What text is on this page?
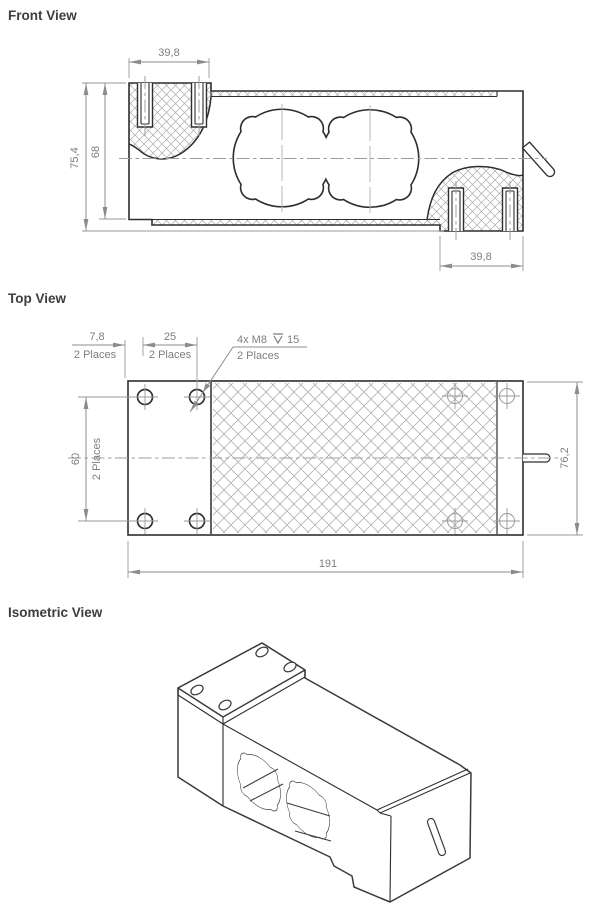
Front View
39,8
75,4 68
39,8
Top View
7,8
2 Places
25
2 Places
4x M8 15
2 Places
60 2 Places	76,2
191
Isometric View
